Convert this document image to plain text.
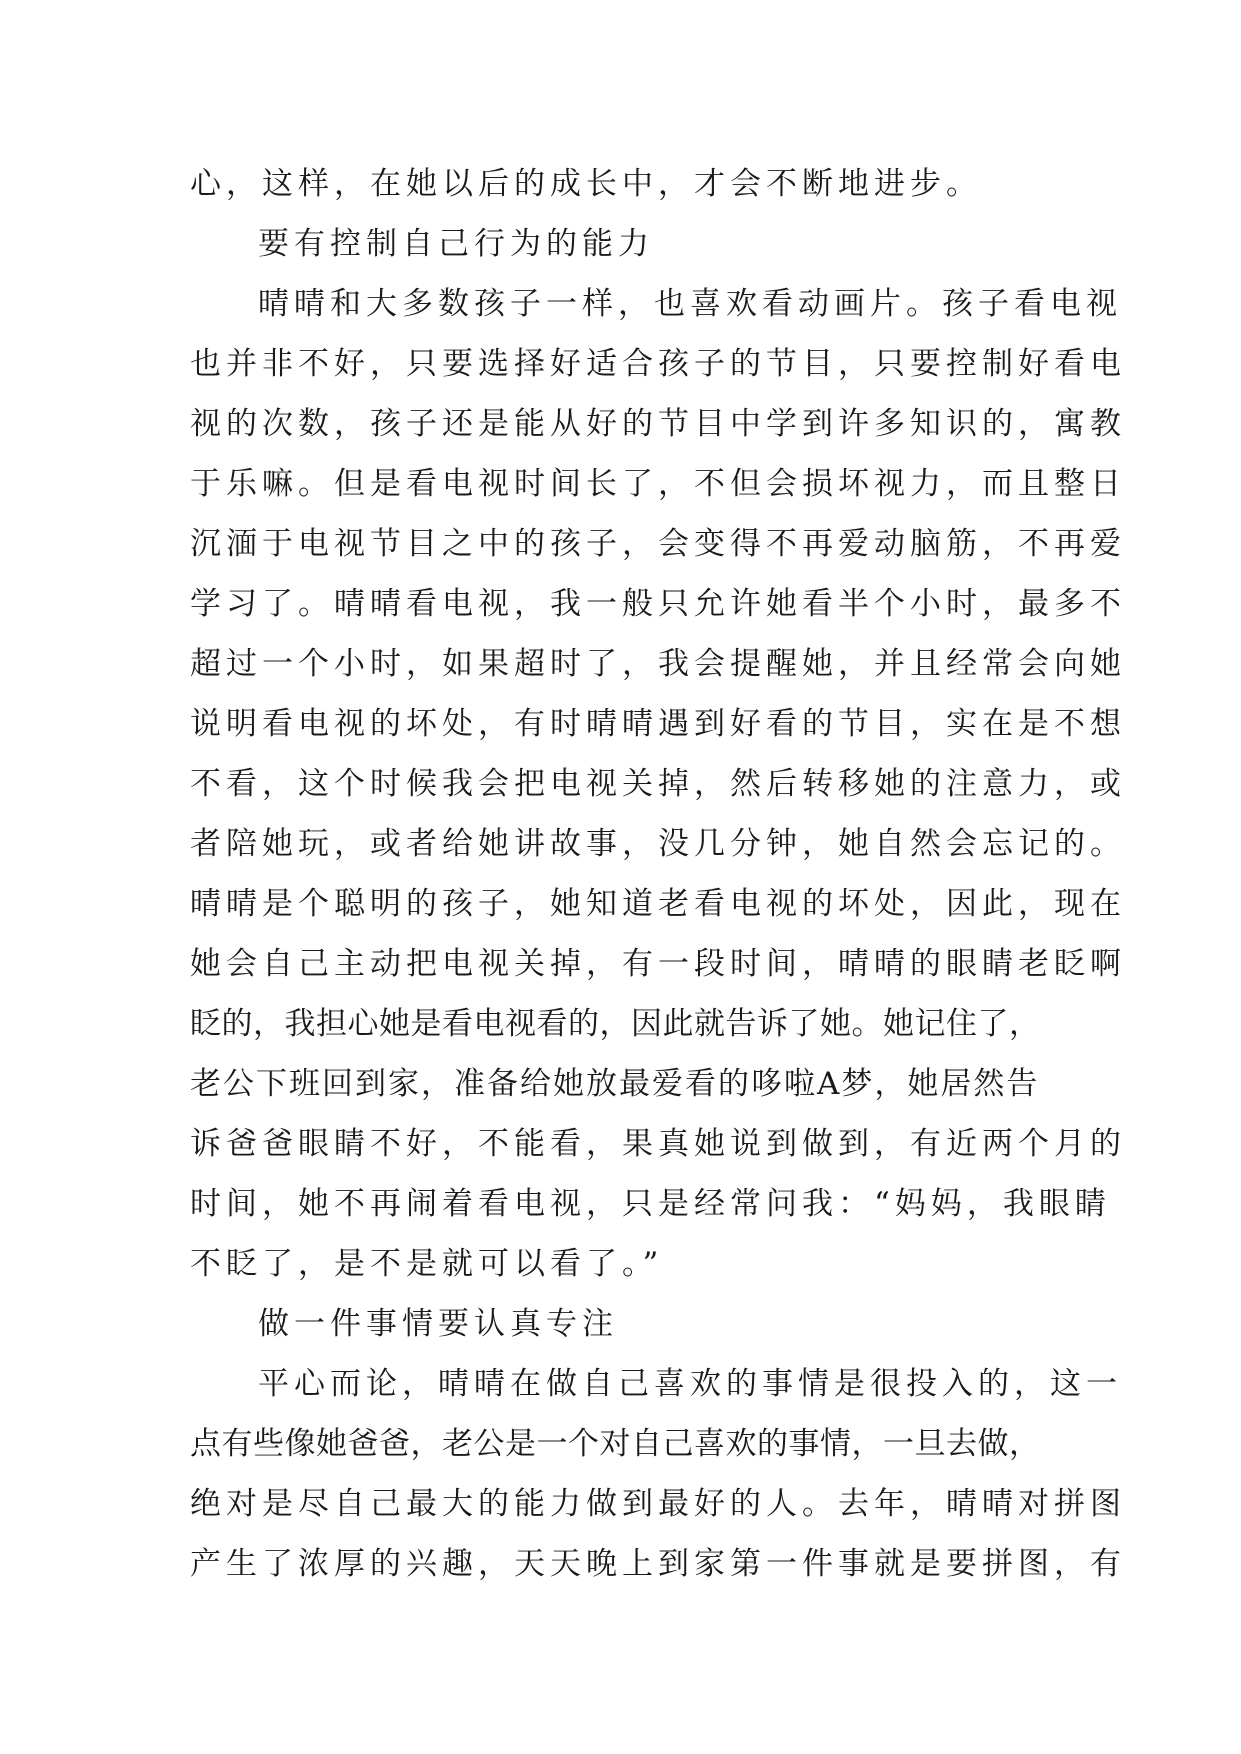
心，这样，在她以后的成长中，才会不断地进步。
要有控制自己行为的能力
晴晴和大多数孩子一样，也喜欢看动画片。孩子看电视
也并非不好，只要选择好适合孩子的节目，只要控制好看电
视的次数，孩子还是能从好的节目中学到许多知识的，寓教
于乐嘛。但是看电视时间长了，不但会损坏视力，而且整日
沉湎于电视节目之中的孩子，会变得不再爱动脑筋，不再爱
学习了。晴晴看电视，我一般只允许她看半个小时，最多不
超过一个小时，如果超时了，我会提醒她，并且经常会向她
说明看电视的坏处，有时晴晴遇到好看的节目，实在是不想
不看，这个时候我会把电视关掉，然后转移她的注意力，或
者陪她玩，或者给她讲故事，没几分钟，她自然会忘记的。
晴晴是个聪明的孩子，她知道老看电视的坏处，因此，现在
她会自己主动把电视关掉，有一段时间，晴晴的眼睛老眨啊
眨的，我担心她是看电视看的，因此就告诉了她。她记住了，
老公下班回到家，准备给她放最爱看的哆啦A梦，她居然告
诉爸爸眼睛不好，不能看，果真她说到做到，有近两个月的
时间，她不再闹着看电视，只是经常问我：“妈妈，我眼睛
不眨了，是不是就可以看了。”
做一件事情要认真专注
平心而论，晴晴在做自己喜欢的事情是很投入的，这一
点有些像她爸爸，老公是一个对自己喜欢的事情，一旦去做，
绝对是尽自己最大的能力做到最好的人。去年，晴晴对拼图
产生了浓厚的兴趣，天天晚上到家第一件事就是要拼图，有
